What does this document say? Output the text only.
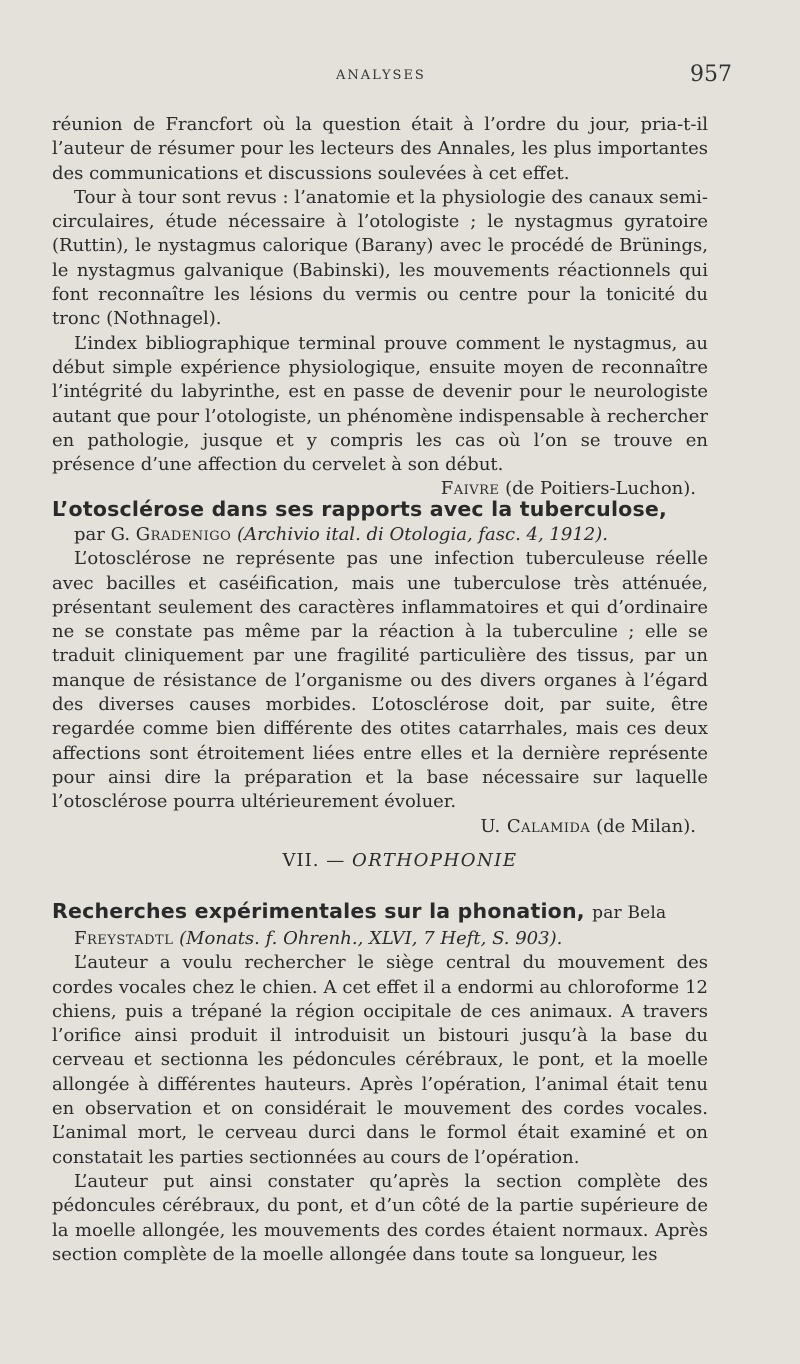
ANALYSES	957

réunion de Francfort où la question était à l’ordre du jour, pria-t-il l’auteur de résumer pour les lecteurs des Annales, les plus importantes des communications et discussions soulevées à cet effet.

Tour à tour sont revus : l’anatomie et la physiologie des canaux semi-circulaires, étude nécessaire à l’otologiste ; le nystagmus gyratoire (Ruttin), le nystagmus calorique (Barany) avec le procédé de Brünings, le nystagmus galvanique (Babinski), les mouvements réactionnels qui font reconnaître les lésions du vermis ou centre pour la tonicité du tronc (Nothnagel).

L’index bibliographique terminal prouve comment le nystagmus, au début simple expérience physiologique, ensuite moyen de reconnaître l’intégrité du labyrinthe, est en passe de devenir pour le neurologiste autant que pour l’otologiste, un phénomène indispensable à rechercher en pathologie, jusque et y compris les cas où l’on se trouve en présence d’une affection du cervelet à son début.

Faivre (de Poitiers-Luchon).
L’otosclérose dans ses rapports avec la tuberculose,

par G. Gradenigo (Archivio ital. di Otologia, fasc. 4, 1912).

L’otosclérose ne représente pas une infection tuberculeuse réelle avec bacilles et caséification, mais une tuberculose très atténuée, présentant seulement des caractères inflammatoires et qui d’ordinaire ne se constate pas même par la réaction à la tuberculine ; elle se traduit cliniquement par une fragilité particulière des tissus, par un manque de résistance de l’organisme ou des divers organes à l’égard des diverses causes morbides. L’otosclérose doit, par suite, être regardée comme bien différente des otites catarrhales, mais ces deux affections sont étroitement liées entre elles et la dernière représente pour ainsi dire la préparation et la base nécessaire sur laquelle l’otosclérose pourra ultérieurement évoluer.

U. Calamida (de Milan).
VII. — ORTHOPHONIE
Recherches expérimentales sur la phonation, par Bela

Freystadtl (Monats. f. Ohrenh., XLVI, 7 Heft, S. 903).

L’auteur a voulu rechercher le siège central du mouvement des cordes vocales chez le chien. A cet effet il a endormi au chloroforme 12 chiens, puis a trépané la région occipitale de ces animaux. A travers l’orifice ainsi produit il introduisit un bistouri jusqu’à la base du cerveau et sectionna les pédoncules cérébraux, le pont, et la moelle allongée à différentes hauteurs. Après l’opération, l’animal était tenu en observation et on considérait le mouvement des cordes vocales. L’animal mort, le cerveau durci dans le formol était examiné et on constatait les parties sectionnées au cours de l’opération.

L’auteur put ainsi constater qu’après la section complète des pédoncules cérébraux, du pont, et d’un côté de la partie supérieure de la moelle allongée, les mouvements des cordes étaient normaux. Après section complète de la moelle allongée dans toute sa longueur, les
